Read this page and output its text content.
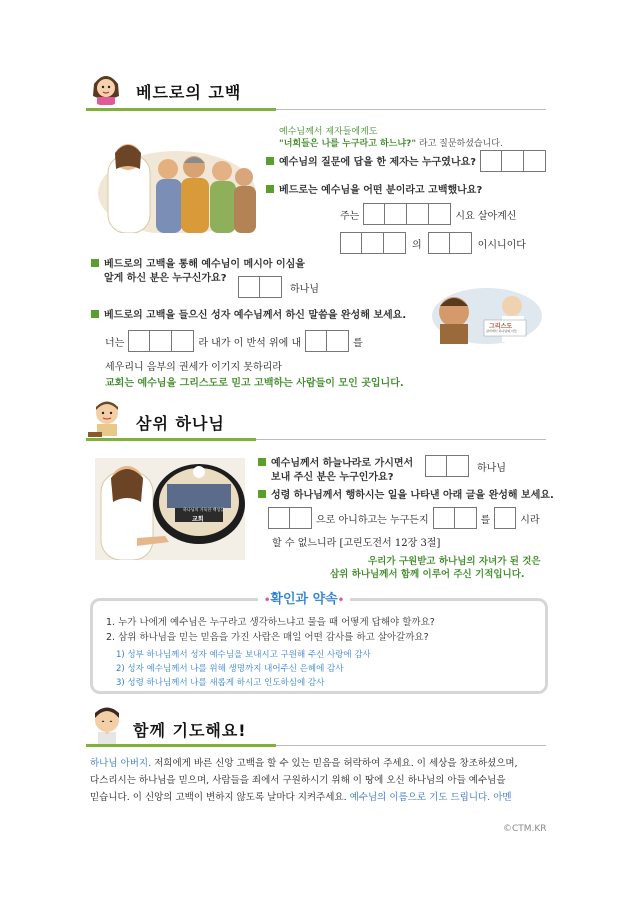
베드로의 고백
예수님께서 제자들에게도
"너희들은 나를 누구라고 하느냐?" 라고 질문하셨습니다.
예수님의 질문에 답을 한 제자는 누구였나요?
베드로는 예수님을 어떤 분이라고 고백했나요?
주는	시요 살아계신
의	이시니이다
베드로의 고백을 통해 예수님이 메시아 이심을
알게 하신 분은 누구신가요?
하나님
그리스도
살아계신 하나님의 아들
베드로의 고백을 들으신 성자 예수님께서 하신 말씀을 완성해 보세요.
너는	라 내가 이 반석 위에 내	를
세우리니 음부의 권세가 이기지 못하리라
교회는 예수님을 그리스도로 믿고 고백하는 사람들이 모인 곳입니다.
삼위 하나님
하나님의 거룩한 백성들
교회
예수님께서 하늘나라로 가시면서
보내 주신 분은 누구인가요?
하나님
성령 하나님께서 행하시는 일을 나타낸 아래 글을 완성해 보세요.
으로 아니하고는 누구든지	를	시라
할 수 없느니라 [고린도전서 12장 3절]
우리가 구원받고 하나님의 자녀가 된 것은
삼위 하나님께서 함께 이루어 주신 기적입니다.
•확인과 약속•
1. 누가 나에게 예수님은 누구라고 생각하느냐고 물을 때 어떻게 답해야 할까요?
2. 삼위 하나님을 믿는 믿음을 가진 사람은 매일 어떤 감사를 하고 살아갈까요?
1) 성부 하나님께서 성자 예수님을 보내시고 구원해 주신 사랑에 감사
2) 성자 예수님께서 나를 위해 생명까지 내어주신 은혜에 감사
3) 성령 하나님께서 나를 새롭게 하시고 인도하심에 감사
함께 기도해요!
하나님 아버지. 저희에게 바른 신앙 고백을 할 수 있는 믿음을 허락하여 주세요. 이 세상을 창조하셨으며,
다스리시는 하나님을 믿으며, 사람들을 죄에서 구원하시기 위해 이 땅에 오신 하나님의 아들 예수님을
믿습니다. 이 신앙의 고백이 변하지 않도록 날마다 지켜주세요. 예수님의 이름으로 기도 드립니다. 아멘
©CTM.KR
